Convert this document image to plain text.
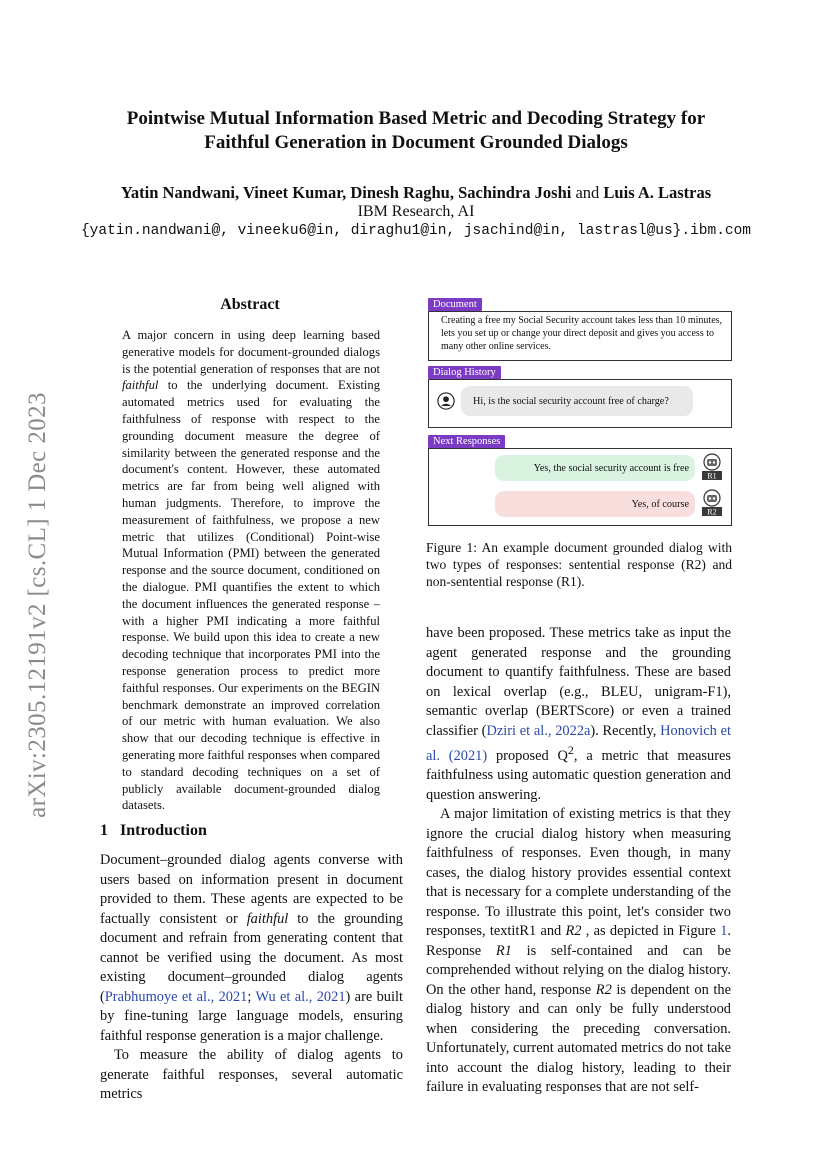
arXiv:2305.12191v2 [cs.CL] 1 Dec 2023
Pointwise Mutual Information Based Metric and Decoding Strategy for
Faithful Generation in Document Grounded Dialogs
Yatin Nandwani, Vineet Kumar, Dinesh Raghu, Sachindra Joshi and Luis A. Lastras
IBM Research, AI
{yatin.nandwani@, vineeku6@in, diraghu1@in, jsachind@in, lastrasl@us}.ibm.com
Abstract
A major concern in using deep learning based generative models for document-grounded dialogs is the potential generation of responses that are not faithful to the underlying document. Existing automated metrics used for evaluating the faithfulness of response with respect to the grounding document measure the degree of similarity between the generated response and the document's content. However, these automated metrics are far from being well aligned with human judgments. Therefore, to improve the measurement of faithfulness, we propose a new metric that utilizes (Conditional) Point-wise Mutual Information (PMI) between the generated response and the source document, conditioned on the dialogue. PMI quantifies the extent to which the document influences the generated response – with a higher PMI indicating a more faithful response. We build upon this idea to create a new decoding technique that incorporates PMI into the response generation process to predict more faithful responses. Our experiments on the BEGIN benchmark demonstrate an improved correlation of our metric with human evaluation. We also show that our decoding technique is effective in generating more faithful responses when compared to standard decoding techniques on a set of publicly available document-grounded dialog datasets.
1 Introduction

Document–grounded dialog agents converse with users based on information present in document provided to them. These agents are expected to be factually consistent or faithful to the grounding document and refrain from generating content that cannot be verified using the document. As most existing document–grounded dialog agents (Prabhumoye et al., 2021; Wu et al., 2021) are built by fine-tuning large language models, ensuring faithful response generation is a major challenge.

To measure the ability of dialog agents to generate faithful responses, several automatic metrics

have been proposed. These metrics take as input the agent generated response and the grounding document to quantify faithfulness. These are based on lexical overlap (e.g., BLEU, unigram-F1), semantic overlap (BERTScore) or even a trained classifier (Dziri et al., 2022a). Recently, Honovich et al. (2021) proposed $Q^2$, a metric that measures faithfulness using automatic question generation and question answering.

A major limitation of existing metrics is that they ignore the crucial dialog history when measuring faithfulness of responses. Even though, in many cases, the dialog history provides essential context that is necessary for a complete understanding of the response. To illustrate this point, let's consider two responses, textitR1 and R2 , as depicted in Figure 1. Response R1 is self-contained and can be comprehended without relying on the dialog history. On the other hand, response R2 is dependent on the dialog history and can only be fully understood when considering the preceding conversation. Unfortunately, current automated metrics do not take into account the dialog history, leading to their failure in evaluating responses that are not self-

Creating a free my Social Security account takes less than 10 minutes, lets you set up or change your direct deposit and gives you access to many other online services.
Document
Hi, is the social security account free of charge?
Dialog History
Yes, the social security account is free
R1
Yes, of course
R2
Next Responses
Figure 1: An example document grounded dialog with two types of responses: sentential response (R2) and non-sentential response (R1).
